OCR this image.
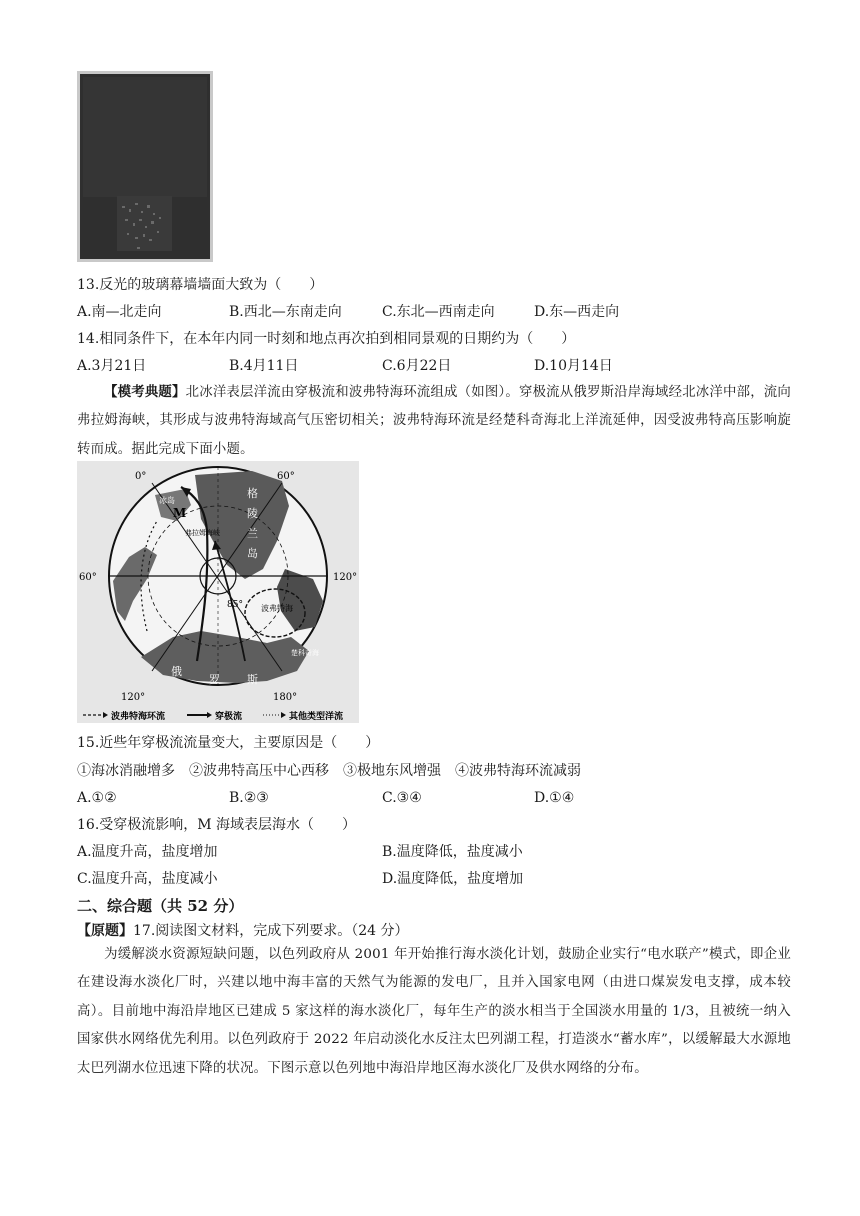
13.反光的玻璃幕墙墙面大致为（　　）
A.南—北走向	B.西北—东南走向	C.东北—西南走向	D.东—西走向
14.相同条件下，在本年内同一时刻和地点再次拍到相同景观的日期约为（　　）
A.3月21日	B.4月11日	C.6月22日	D.10月14日
【模考典题】北冰洋表层洋流由穿极流和波弗特海环流组成（如图）。穿极流从俄罗斯沿岸海域经北冰洋中部，流向弗拉姆海峡，其形成与波弗特海域高气压密切相关；波弗特海环流是经楚科奇海北上洋流延伸，因受波弗特高压影响旋转而成。据此完成下面小题。
0°	60°
60°	120°
120°	180°
85°
M
冰岛
格
陵
兰
岛
俄
罗 斯
波弗特海
楚科奇海
弗拉姆海峡
波弗特海环流	穿极流	其他类型洋流
15.近些年穿极流流量变大，主要原因是（　　）
①海冰消融增多　②波弗特高压中心西移　③极地东风增强　④波弗特海环流减弱
A.①②	B.②③	C.③④	D.①④
16.受穿极流影响，M 海域表层海水（　　）
A.温度升高，盐度增加	B.温度降低，盐度减小
C.温度升高，盐度减小	D.温度降低，盐度增加
二、综合题（共 52 分）
【原题】17.阅读图文材料，完成下列要求。（24 分）
为缓解淡水资源短缺问题，以色列政府从 2001 年开始推行海水淡化计划，鼓励企业实行“电水联产”模式，即企业在建设海水淡化厂时，兴建以地中海丰富的天然气为能源的发电厂，且并入国家电网（由进口煤炭发电支撑，成本较高）。目前地中海沿岸地区已建成 5 家这样的海水淡化厂，每年生产的淡水相当于全国淡水用量的 1/3，且被统一纳入国家供水网络优先利用。以色列政府于 2022 年启动淡化水反注太巴列湖工程，打造淡水“蓄水库”，以缓解最大水源地太巴列湖水位迅速下降的状况。下图示意以色列地中海沿岸地区海水淡化厂及供水网络的分布。
